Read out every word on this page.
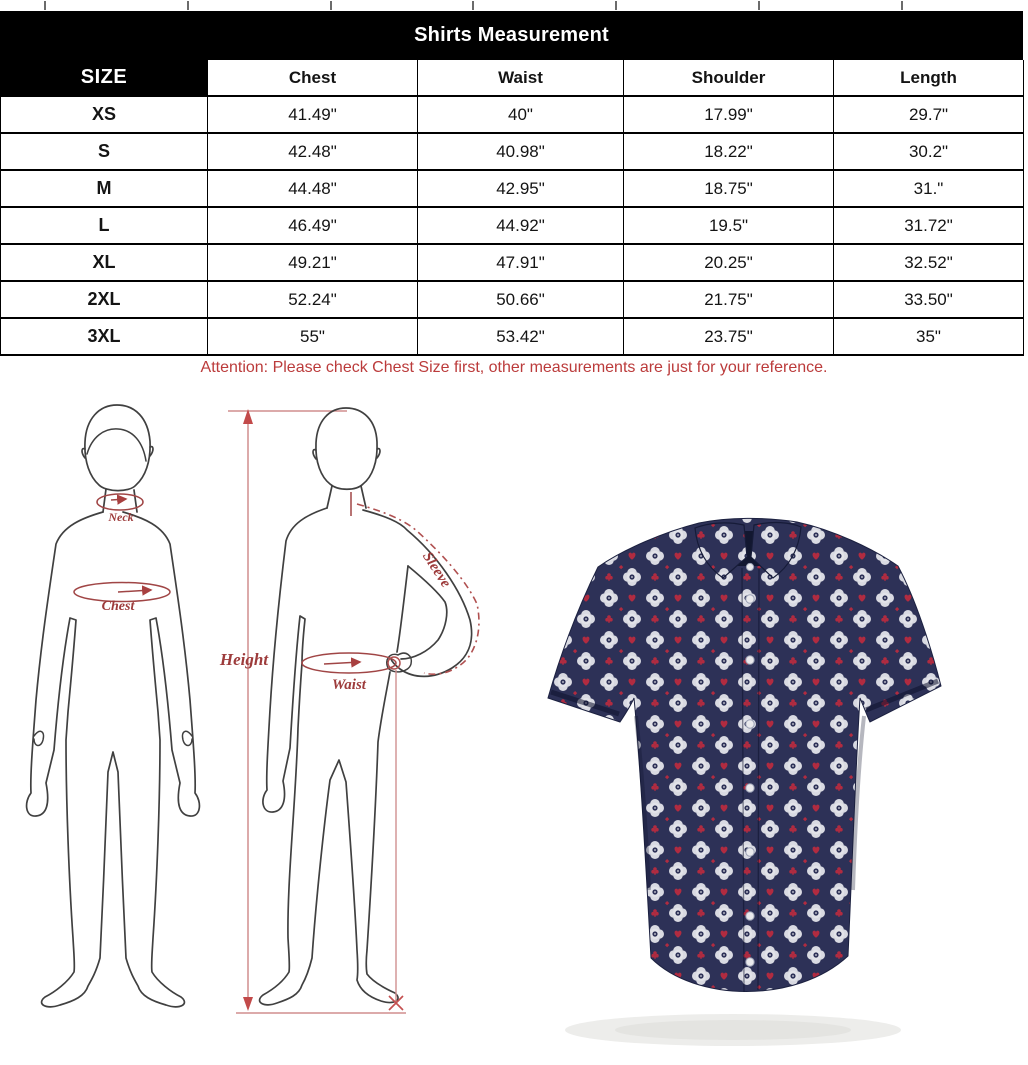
Shirts Measurement
SIZE	Chest	Waist	Shoulder	Length
XS	41.49"	40"	17.99"	29.7"
S	42.48"	40.98"	18.22"	30.2"
M	44.48"	42.95"	18.75"	31."
L	46.49"	44.92"	19.5"	31.72"
XL	49.21"	47.91"	20.25"	32.52"
2XL	52.24"	50.66"	21.75"	33.50"
3XL	55"	53.42"	23.75"	35"
Attention: Please check Chest Size first, other measurements are just for your reference.
Neck
Chest
Height
Sleeve
Waist
